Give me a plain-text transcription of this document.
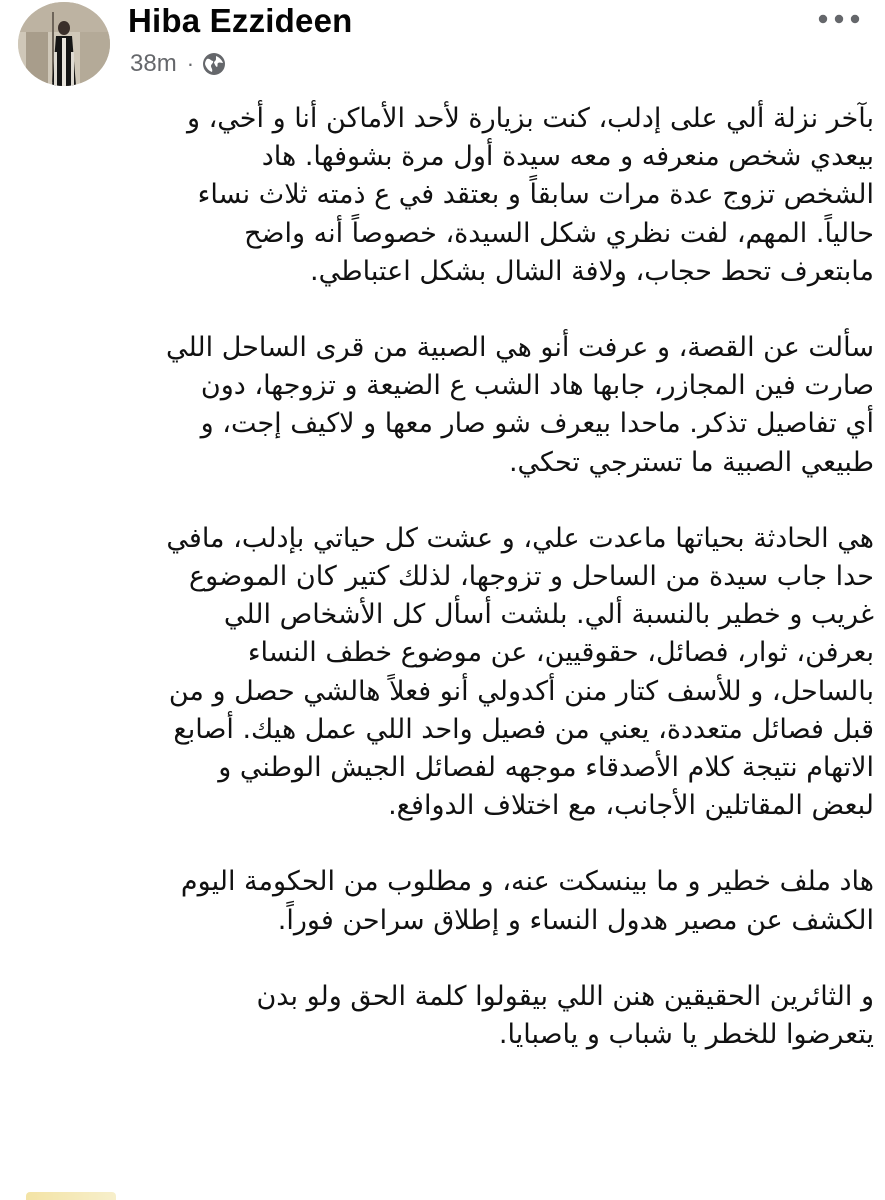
Hiba Ezzideen
38m ·

بآخر نزلة ألي على إدلب، كنت بزيارة لأحد الأماكن أنا و أخي، و
بيعدي شخص منعرفه و معه سيدة أول مرة بشوفها. هاد
الشخص تزوج عدة مرات سابقاً و بعتقد في ع ذمته ثلاث نساء
حالياً. المهم، لفت نظري شكل السيدة، خصوصاً أنه واضح
مابتعرف تحط حجاب، ولافة الشال بشكل اعتباطي.

سألت عن القصة، و عرفت أنو هي الصبية من قرى الساحل اللي
صارت فين المجازر، جابها هاد الشب ع الضيعة و تزوجها، دون
أي تفاصيل تذكر. ماحدا بيعرف شو صار معها و لاكيف إجت، و
طبيعي الصبية ما تسترجي تحكي.

هي الحادثة بحياتها ماعدت علي، و عشت كل حياتي بإدلب، مافي
حدا جاب سيدة من الساحل و تزوجها، لذلك كتير كان الموضوع
غريب و خطير بالنسبة ألي. بلشت أسأل كل الأشخاص اللي
بعرفن، ثوار، فصائل، حقوقيين، عن موضوع خطف النساء
بالساحل، و للأسف كتار منن أكدولي أنو فعلاً هالشي حصل و من
قبل فصائل متعددة، يعني من فصيل واحد اللي عمل هيك. أصابع
الاتهام نتيجة كلام الأصدقاء موجهه لفصائل الجيش الوطني و
لبعض المقاتلين الأجانب، مع اختلاف الدوافع.

هاد ملف خطير و ما بينسكت عنه، و مطلوب من الحكومة اليوم
الكشف عن مصير هدول النساء و إطلاق سراحن فوراً.

و الثائرين الحقيقين هنن اللي بيقولوا كلمة الحق ولو بدن
يتعرضوا للخطر يا شباب و ياصبايا.
